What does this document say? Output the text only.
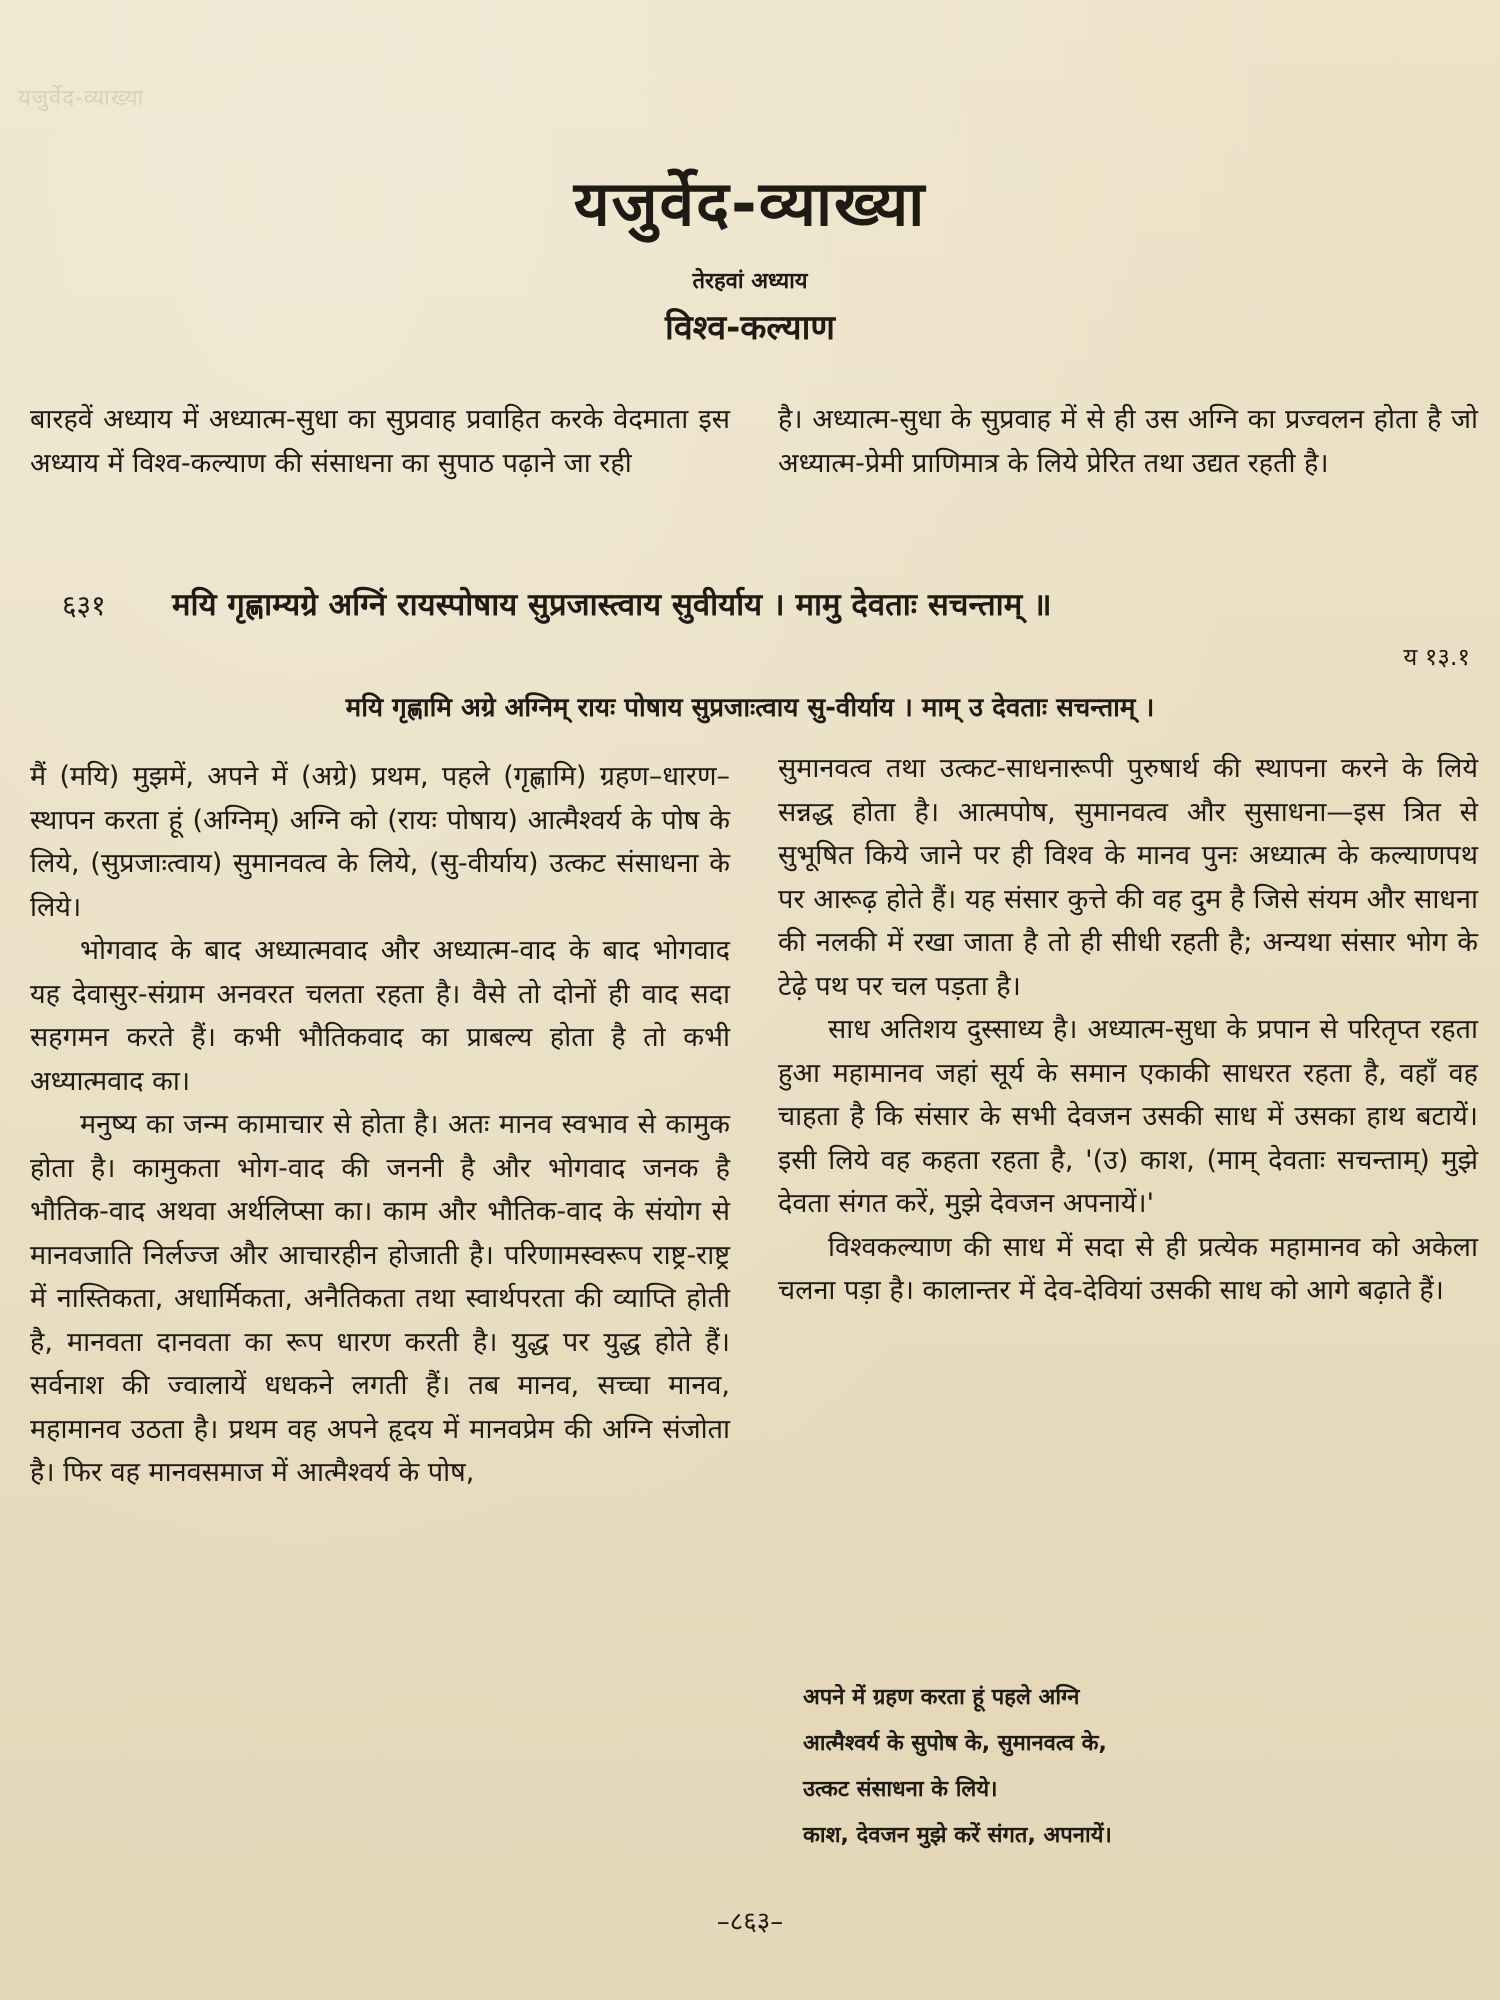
यजुर्वेद-व्याख्या
यजुर्वेद-व्याख्या
तेरहवां अध्याय
विश्व-कल्याण

बारहवें अध्याय में अध्यात्म-सुधा का सुप्रवाह प्रवाहित करके वेदमाता इस अध्याय में विश्व-कल्याण की संसाधना का सुपाठ पढ़ाने जा रही

है। अध्यात्म-सुधा के सुप्रवाह में से ही उस अग्नि का प्रज्वलन होता है जो अध्यात्म-प्रेमी प्राणिमात्र के लिये प्रेरित तथा उद्यत रहती है।

६३१ मयि गृह्णाम्यग्रे अग्निं रायस्पोषाय सुप्रजास्त्वाय सुवीर्याय । मामु देवताः सचन्ताम् ॥
य १३.१
मयि गृह्णामि अग्रे अग्निम् रायः पोषाय सुप्रजाःत्वाय सु-वीर्याय । माम् उ देवताः सचन्ताम् ।

मैं (मयि) मुझमें, अपने में (अग्रे) प्रथम, पहले (गृह्णामि) ग्रहण–धारण–स्थापन करता हूं (अग्निम्) अग्नि को (रायः पोषाय) आत्मैश्वर्य के पोष के लिये, (सुप्रजाःत्वाय) सुमानवत्व के लिये, (सु-वीर्याय) उत्कट संसाधना के लिये।

भोगवाद के बाद अध्यात्मवाद और अध्यात्म-वाद के बाद भोगवाद यह देवासुर-संग्राम अनवरत चलता रहता है। वैसे तो दोनों ही वाद सदा सहगमन करते हैं। कभी भौतिकवाद का प्राबल्य होता है तो कभी अध्यात्मवाद का।

मनुष्य का जन्म कामाचार से होता है। अतः मानव स्वभाव से कामुक होता है। कामुकता भोग-वाद की जननी है और भोगवाद जनक है भौतिक-वाद अथवा अर्थलिप्सा का। काम और भौतिक-वाद के संयोग से मानवजाति निर्लज्ज और आचारहीन होजाती है। परिणामस्वरूप राष्ट्र-राष्ट्र में नास्तिकता, अधार्मिकता, अनैतिकता तथा स्वार्थपरता की व्याप्ति होती है, मानवता दानवता का रूप धारण करती है। युद्ध पर युद्ध होते हैं। सर्वनाश की ज्वालायें धधकने लगती हैं। तब मानव, सच्चा मानव, महामानव उठता है। प्रथम वह अपने हृदय में मानवप्रेम की अग्नि संजोता है। फिर वह मानवसमाज में आत्मैश्वर्य के पोष,

सुमानवत्व तथा उत्कट-साधनारूपी पुरुषार्थ की स्थापना करने के लिये सन्नद्ध होता है। आत्मपोष, सुमानवत्व और सुसाधना—इस त्रित से सुभूषित किये जाने पर ही विश्व के मानव पुनः अध्यात्म के कल्याणपथ पर आरूढ़ होते हैं। यह संसार कुत्ते की वह दुम है जिसे संयम और साधना की नलकी में रखा जाता है तो ही सीधी रहती है; अन्यथा संसार भोग के टेढ़े पथ पर चल पड़ता है।

साध अतिशय दुस्साध्य है। अध्यात्म-सुधा के प्रपान से परितृप्त रहता हुआ महामानव जहां सूर्य के समान एकाकी साधरत रहता है, वहाँ वह चाहता है कि संसार के सभी देवजन उसकी साध में उसका हाथ बटायें। इसी लिये वह कहता रहता है, '(उ) काश, (माम् देवताः सचन्ताम्) मुझे देवता संगत करें, मुझे देवजन अपनायें।'

विश्वकल्याण की साध में सदा से ही प्रत्येक महामानव को अकेला चलना पड़ा है। कालान्तर में देव-देवियां उसकी साध को आगे बढ़ाते हैं।

अपने में ग्रहण करता हूं पहले अग्नि
आत्मैश्वर्य के सुपोष के, सुमानवत्व के,
उत्कट संसाधना के लिये।
काश, देवजन मुझे करें संगत, अपनायें।
–८६३–
